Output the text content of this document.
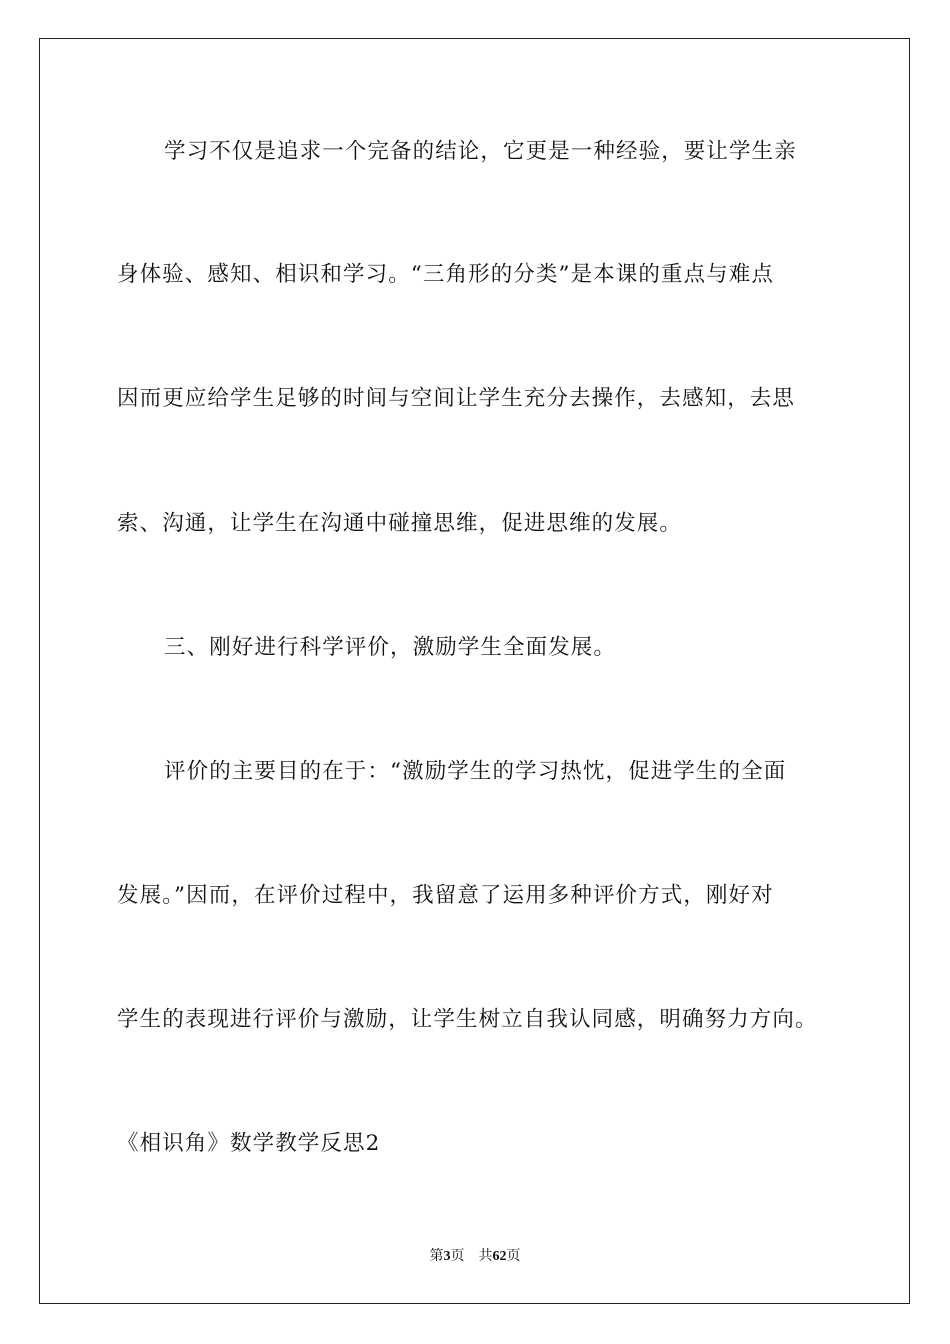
学习不仅是追求一个完备的结论，它更是一种经验，要让学生亲
身体验、感知、相识和学习。“三角形的分类”是本课的重点与难点
因而更应给学生足够的时间与空间让学生充分去操作，去感知，去思
索、沟通，让学生在沟通中碰撞思维，促进思维的发展。
三、刚好进行科学评价，激励学生全面发展。
评价的主要目的在于：“激励学生的学习热忱，促进学生的全面
发展。”因而，在评价过程中，我留意了运用多种评价方式，刚好对
学生的表现进行评价与激励，让学生树立自我认同感，明确努力方向。
《相识角》数学教学反思2
第3页 共62页
